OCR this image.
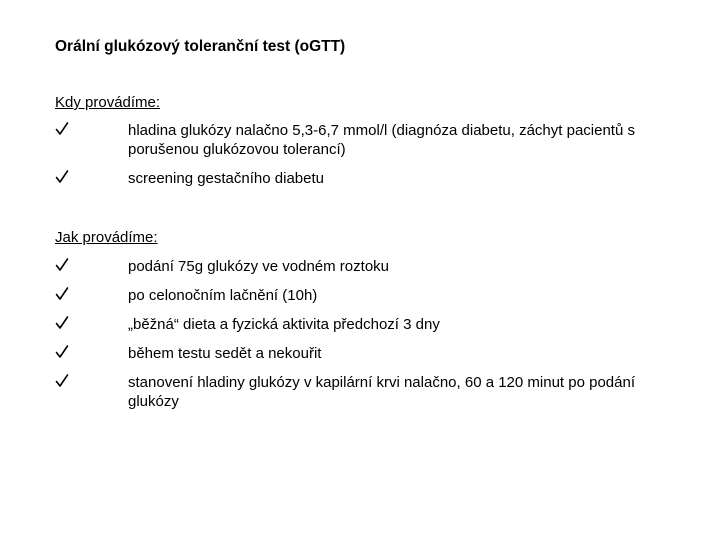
Orální glukózový toleranční test (oGTT)
Kdy provádíme:
hladina glukózy nalačno 5,3-6,7 mmol/l (diagnóza diabetu, záchyt pacientů s porušenou glukózovou tolerancí)
screening gestačního diabetu
Jak provádíme:
podání 75g glukózy ve vodném roztoku
po celonočním lačnění (10h)
„běžná“ dieta a fyzická aktivita předchozí 3 dny
během testu sedět a nekouřit
stanovení hladiny glukózy v kapilární krvi nalačno, 60 a 120 minut po podání glukózy
